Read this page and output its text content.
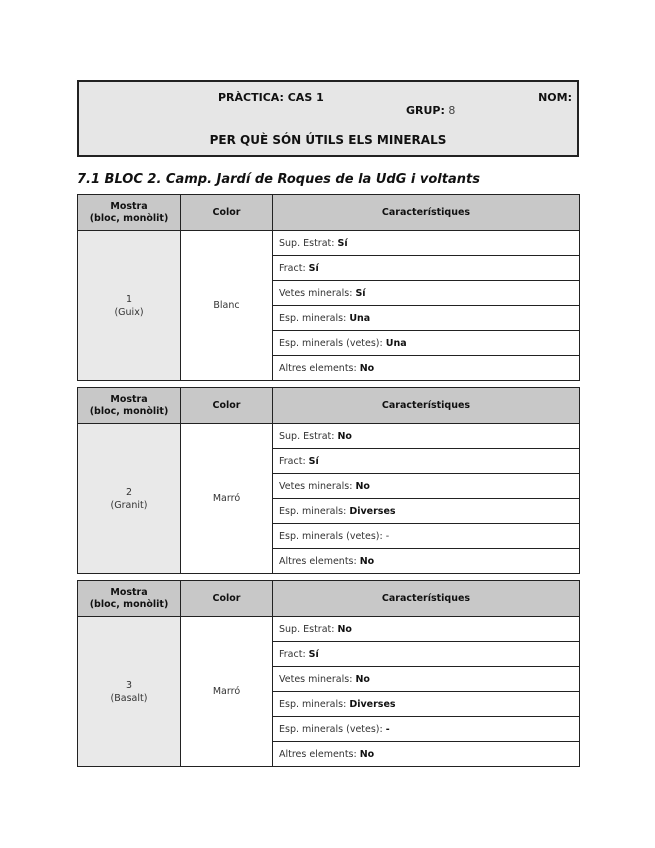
PRÀCTICA: CAS 1	NOM:
GRUP: 8
PER QUÈ SÓN ÚTILS ELS MINERALS
7.1 BLOC 2. Camp. Jardí de Roques de la UdG i voltants
Mostra
(bloc, monòlit)	Color	Característiques
1
(Guix)	Blanc	Sup. Estrat: Sí
		Fract: Sí
		Vetes minerals: Sí
		Esp. minerals: Una
		Esp. minerals (vetes): Una
		Altres elements: No
Mostra
(bloc, monòlit)	Color	Característiques
2
(Granit)	Marró	Sup. Estrat: No
		Fract: Sí
		Vetes minerals: No
		Esp. minerals: Diverses
		Esp. minerals (vetes): -
		Altres elements: No
Mostra
(bloc, monòlit)	Color	Característiques
3
(Basalt)	Marró	Sup. Estrat: No
		Fract: Sí
		Vetes minerals: No
		Esp. minerals: Diverses
		Esp. minerals (vetes): -
		Altres elements: No
